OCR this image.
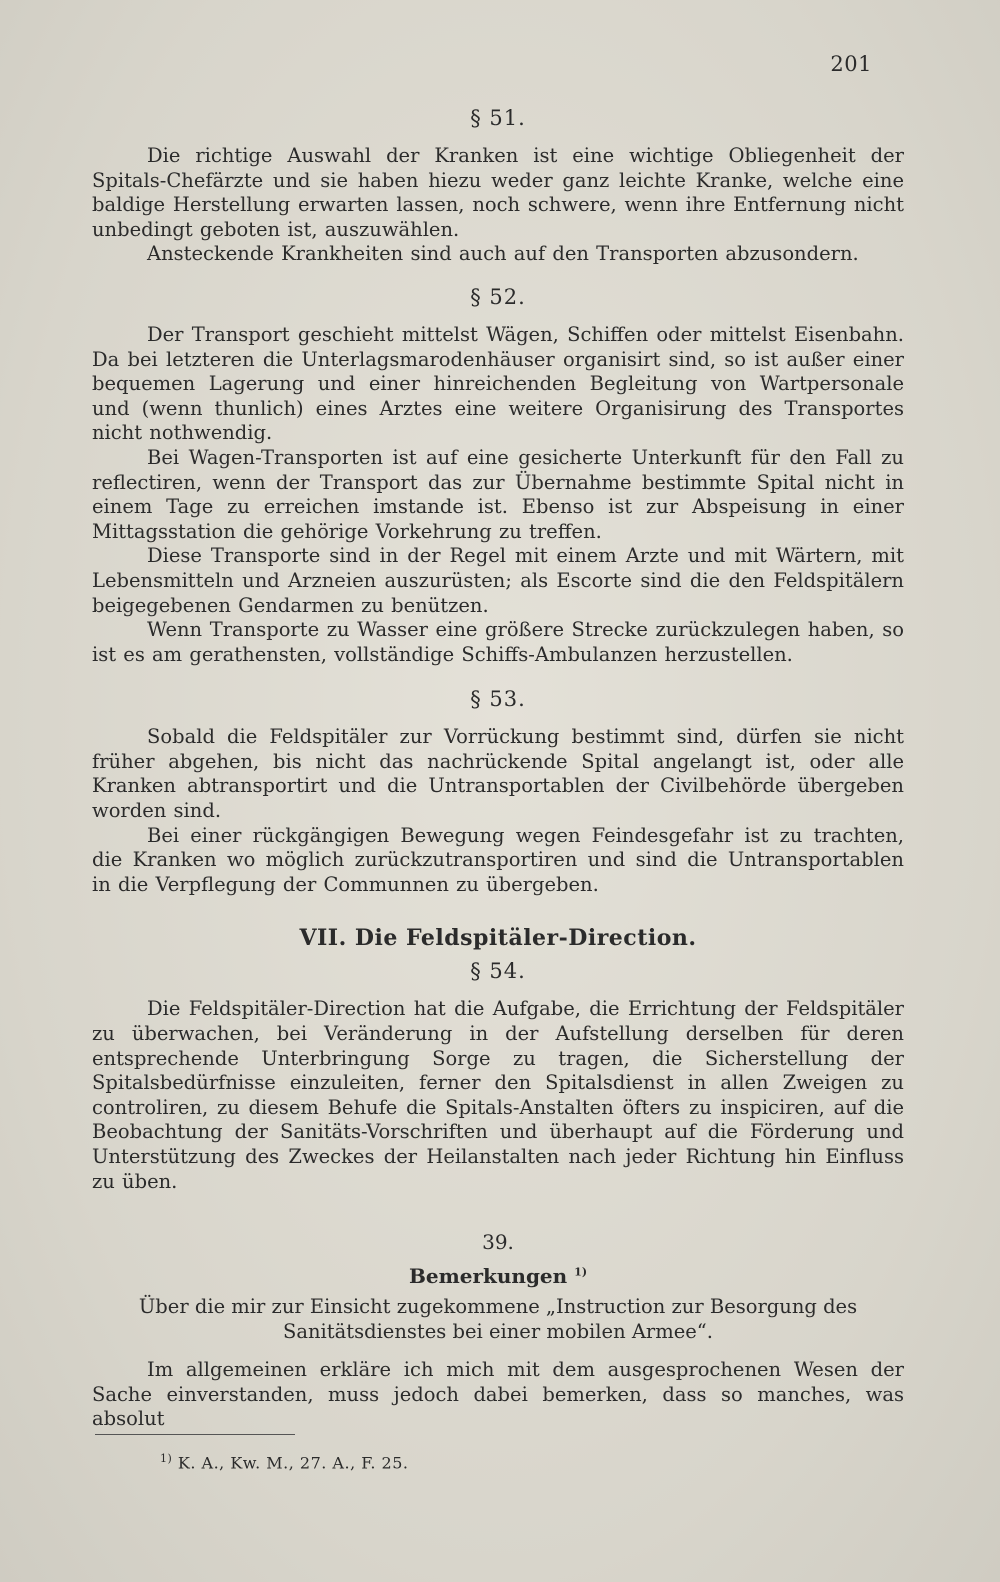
201
§ 51.

Die richtige Auswahl der Kranken ist eine wichtige Obliegenheit der Spitals-Chefärzte und sie haben hiezu weder ganz leichte Kranke, welche eine baldige Herstellung erwarten lassen, noch schwere, wenn ihre Entfernung nicht unbedingt geboten ist, auszuwählen.

Ansteckende Krankheiten sind auch auf den Transporten abzusondern.

§ 52.

Der Transport geschieht mittelst Wägen, Schiffen oder mittelst Eisenbahn. Da bei letzteren die Unterlagsmarodenhäuser organisirt sind, so ist außer einer bequemen Lagerung und einer hinreichenden Begleitung von Wartpersonale und (wenn thunlich) eines Arztes eine weitere Organisirung des Transportes nicht nothwendig.

Bei Wagen-Transporten ist auf eine gesicherte Unterkunft für den Fall zu reflectiren, wenn der Transport das zur Übernahme bestimmte Spital nicht in einem Tage zu erreichen imstande ist. Ebenso ist zur Abspeisung in einer Mittagsstation die gehörige Vorkehrung zu treffen.

Diese Transporte sind in der Regel mit einem Arzte und mit Wärtern, mit Lebensmitteln und Arzneien auszurüsten; als Escorte sind die den Feldspitälern beigegebenen Gendarmen zu benützen.

Wenn Transporte zu Wasser eine größere Strecke zurückzulegen haben, so ist es am gerathensten, vollständige Schiffs-Ambulanzen herzustellen.

§ 53.

Sobald die Feldspitäler zur Vorrückung bestimmt sind, dürfen sie nicht früher abgehen, bis nicht das nachrückende Spital angelangt ist, oder alle Kranken abtransportirt und die Untransportablen der Civilbehörde übergeben worden sind.

Bei einer rückgängigen Bewegung wegen Feindesgefahr ist zu trachten, die Kranken wo möglich zurückzutransportiren und sind die Untransportablen in die Verpflegung der Communnen zu übergeben.

VII. Die Feldspitäler-Direction.
§ 54.

Die Feldspitäler-Direction hat die Aufgabe, die Errichtung der Feldspitäler zu überwachen, bei Veränderung in der Aufstellung derselben für deren entsprechende Unterbringung Sorge zu tragen, die Sicherstellung der Spitalsbedürfnisse einzuleiten, ferner den Spitalsdienst in allen Zweigen zu controliren, zu diesem Behufe die Spitals-Anstalten öfters zu inspiciren, auf die Beobachtung der Sanitäts-Vorschriften und überhaupt auf die Förderung und Unterstützung des Zweckes der Heilanstalten nach jeder Richtung hin Einfluss zu üben.

39.
Bemerkungen $^{1)}$
Über die mir zur Einsicht zugekommene „Instruction zur Besorgung des Sanitätsdienstes bei einer mobilen Armee“.

Im allgemeinen erkläre ich mich mit dem ausgesprochenen Wesen der Sache einverstanden, muss jedoch dabei bemerken, dass so manches, was absolut

$^{1)}$ K. A., Kw. M., 27. A., F. 25.
